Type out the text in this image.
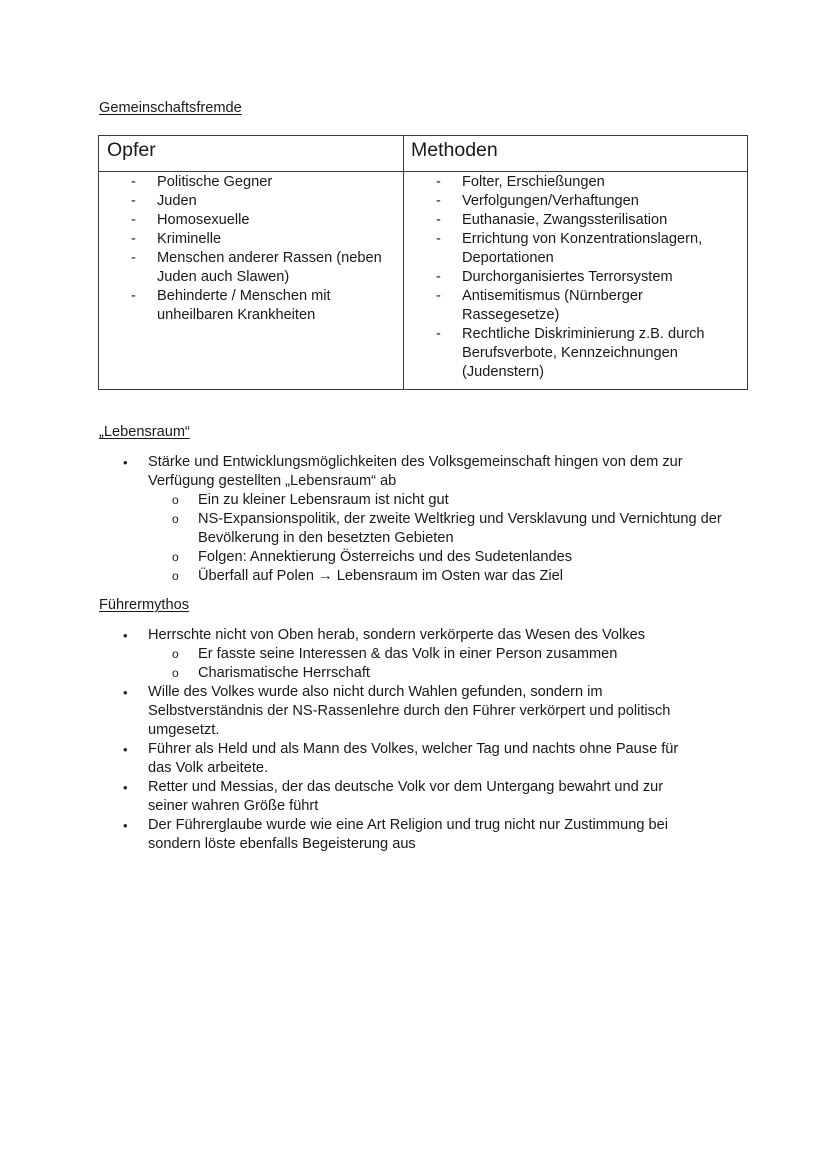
Gemeinschaftsfremde
Opfer	Methoden
- Politische Gegner
- Juden
- Homosexuelle
- Kriminelle
- Menschen anderer Rassen (neben Juden auch Slawen)
- Behinderte / Menschen mit unheilbaren Krankheiten
- Folter, Erschießungen
- Verfolgungen/Verhaftungen
- Euthanasie, Zwangssterilisation
- Errichtung von Konzentrationslagern, Deportationen
- Durchorganisiertes Terrorsystem
- Antisemitismus (Nürnberger Rassegesetze)
- Rechtliche Diskriminierung z.B. durch Berufsverbote, Kennzeichnungen (Judenstern)
„Lebensraum“
• Stärke und Entwicklungsmöglichkeiten des Volksgemeinschaft hingen von dem zur Verfügung gestellten „Lebensraum“ ab
o Ein zu kleiner Lebensraum ist nicht gut
o NS-Expansionspolitik, der zweite Weltkrieg und Versklavung und Vernichtung der Bevölkerung in den besetzten Gebieten
o Folgen: Annektierung Österreichs und des Sudetenlandes
o Überfall auf Polen → Lebensraum im Osten war das Ziel
Führermythos
• Herrschte nicht von Oben herab, sondern verkörperte das Wesen des Volkes
o Er fasste seine Interessen & das Volk in einer Person zusammen
o Charismatische Herrschaft
• Wille des Volkes wurde also nicht durch Wahlen gefunden, sondern im Selbstverständnis der NS-Rassenlehre durch den Führer verkörpert und politisch umgesetzt.
• Führer als Held und als Mann des Volkes, welcher Tag und nachts ohne Pause für das Volk arbeitete.
• Retter und Messias, der das deutsche Volk vor dem Untergang bewahrt und zur seiner wahren Größe führt
• Der Führerglaube wurde wie eine Art Religion und trug nicht nur Zustimmung bei sondern löste ebenfalls Begeisterung aus
